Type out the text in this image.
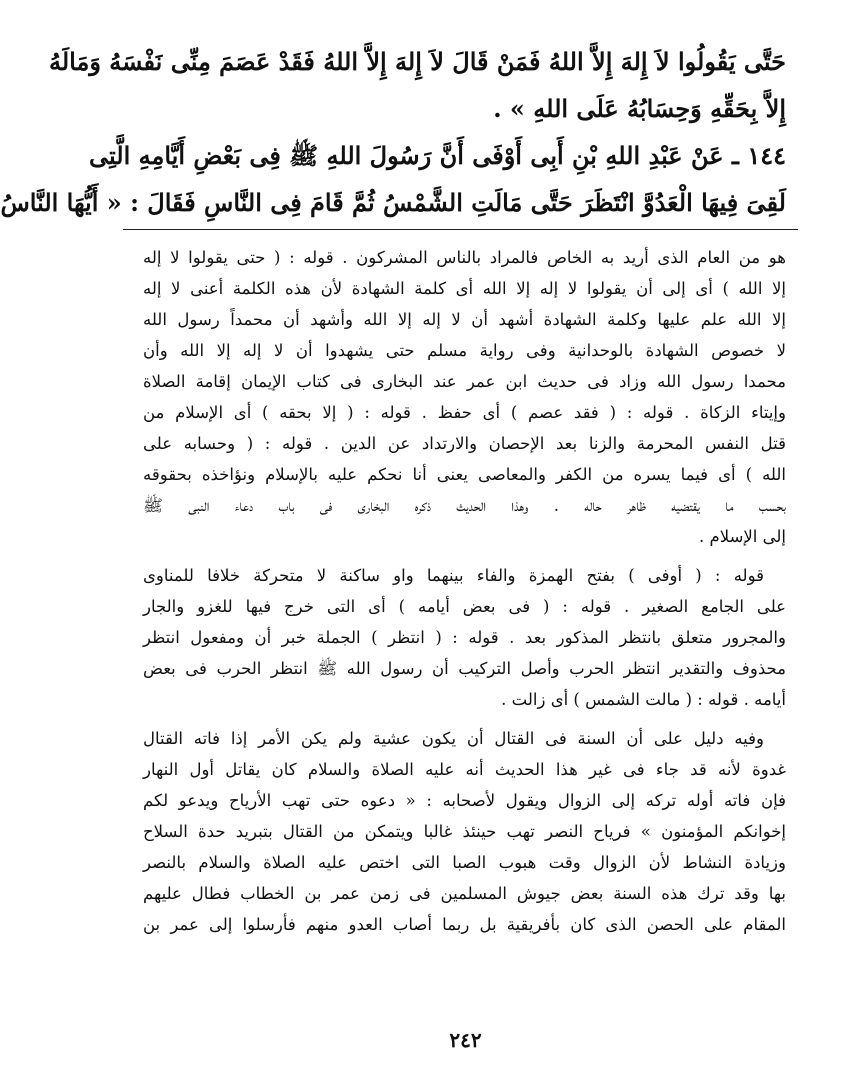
حَتَّى يَقُولُوا لاَ إِلهَ إِلاَّ اللهُ فَمَنْ قَالَ لاَ إِلهَ إِلاَّ اللهُ فَقَدْ عَصَمَ مِنِّى نَفْسَهُ وَمَالَهُ
إِلاَّ بِحَقِّهِ وَحِسَابُهُ عَلَى اللهِ » .
١٤٤ ـ عَنْ عَبْدِ اللهِ بْنِ أَبِى أَوْفَى أَنَّ رَسُولَ اللهِ ﷺ فِى بَعْضِ أَيَّامِهِ الَّتِى
لَقِىَ فِيهَا الْعَدُوَّ انْتَظَرَ حَتَّى مَالَتِ الشَّمْسُ ثُمَّ قَامَ فِى النَّاسِ فَقَالَ : « أَيُّهَا النَّاسُ
هو من العام الذى أريد به الخاص فالمراد بالناس المشركون . قوله : ( حتى يقولوا لا إله
إلا الله ) أى إلى أن يقولوا لا إله إلا الله أى كلمة الشهادة لأن هذه الكلمة أعنى لا إله
إلا الله علم عليها وكلمة الشهادة أشهد أن لا إله إلا الله وأشهد أن محمداً رسول الله
لا خصوص الشهادة بالوحدانية وفى رواية مسلم حتى يشهدوا أن لا إله إلا الله وأن
محمدا رسول الله وزاد فى حديث ابن عمر عند البخارى فى كتاب الإيمان إقامة الصلاة
وإيتاء الزكاة . قوله : ( فقد عصم ) أى حفظ . قوله : ( إلا بحقه ) أى الإسلام من
قتل النفس المحرمة والزنا بعد الإحصان والارتداد عن الدين . قوله : ( وحسابه على
الله ) أى فيما يسره من الكفر والمعاصى يعنى أنا نحكم عليه بالإسلام ونؤاخذه بحقوقه
بحسب ما يقتضيه ظاهر حاله . وهذا الحديث ذكره البخارى فى باب دعاء النبى ﷺ
إلى الإسلام .
قوله : ( أوفى ) بفتح الهمزة والفاء بينهما واو ساكنة لا متحركة خلافا للمناوى
على الجامع الصغير . قوله : ( فى بعض أيامه ) أى التى خرج فيها للغزو والجار
والمجرور متعلق بانتظر المذكور بعد . قوله : ( انتظر ) الجملة خبر أن ومفعول انتظر
محذوف والتقدير انتظر الحرب وأصل التركيب أن رسول الله ﷺ انتظر الحرب فى بعض
أيامه . قوله : ( مالت الشمس ) أى زالت .
وفيه دليل على أن السنة فى القتال أن يكون عشية ولم يكن الأمر إذا فاته القتال
غدوة لأنه قد جاء فى غير هذا الحديث أنه عليه الصلاة والسلام كان يقاتل أول النهار
فإن فاته أوله تركه إلى الزوال ويقول لأصحابه : « دعوه حتى تهب الأرياح ويدعو لكم
إخوانكم المؤمنون » فرياح النصر تهب حينئذ غالبا ويتمكن من القتال بتبريد حدة السلاح
وزيادة النشاط لأن الزوال وقت هبوب الصبا التى اختص عليه الصلاة والسلام بالنصر
بها وقد ترك هذه السنة بعض جيوش المسلمين فى زمن عمر بن الخطاب فطال عليهم
المقام على الحصن الذى كان بأفريقية بل ربما أصاب العدو منهم فأرسلوا إلى عمر بن
٢٤٢
